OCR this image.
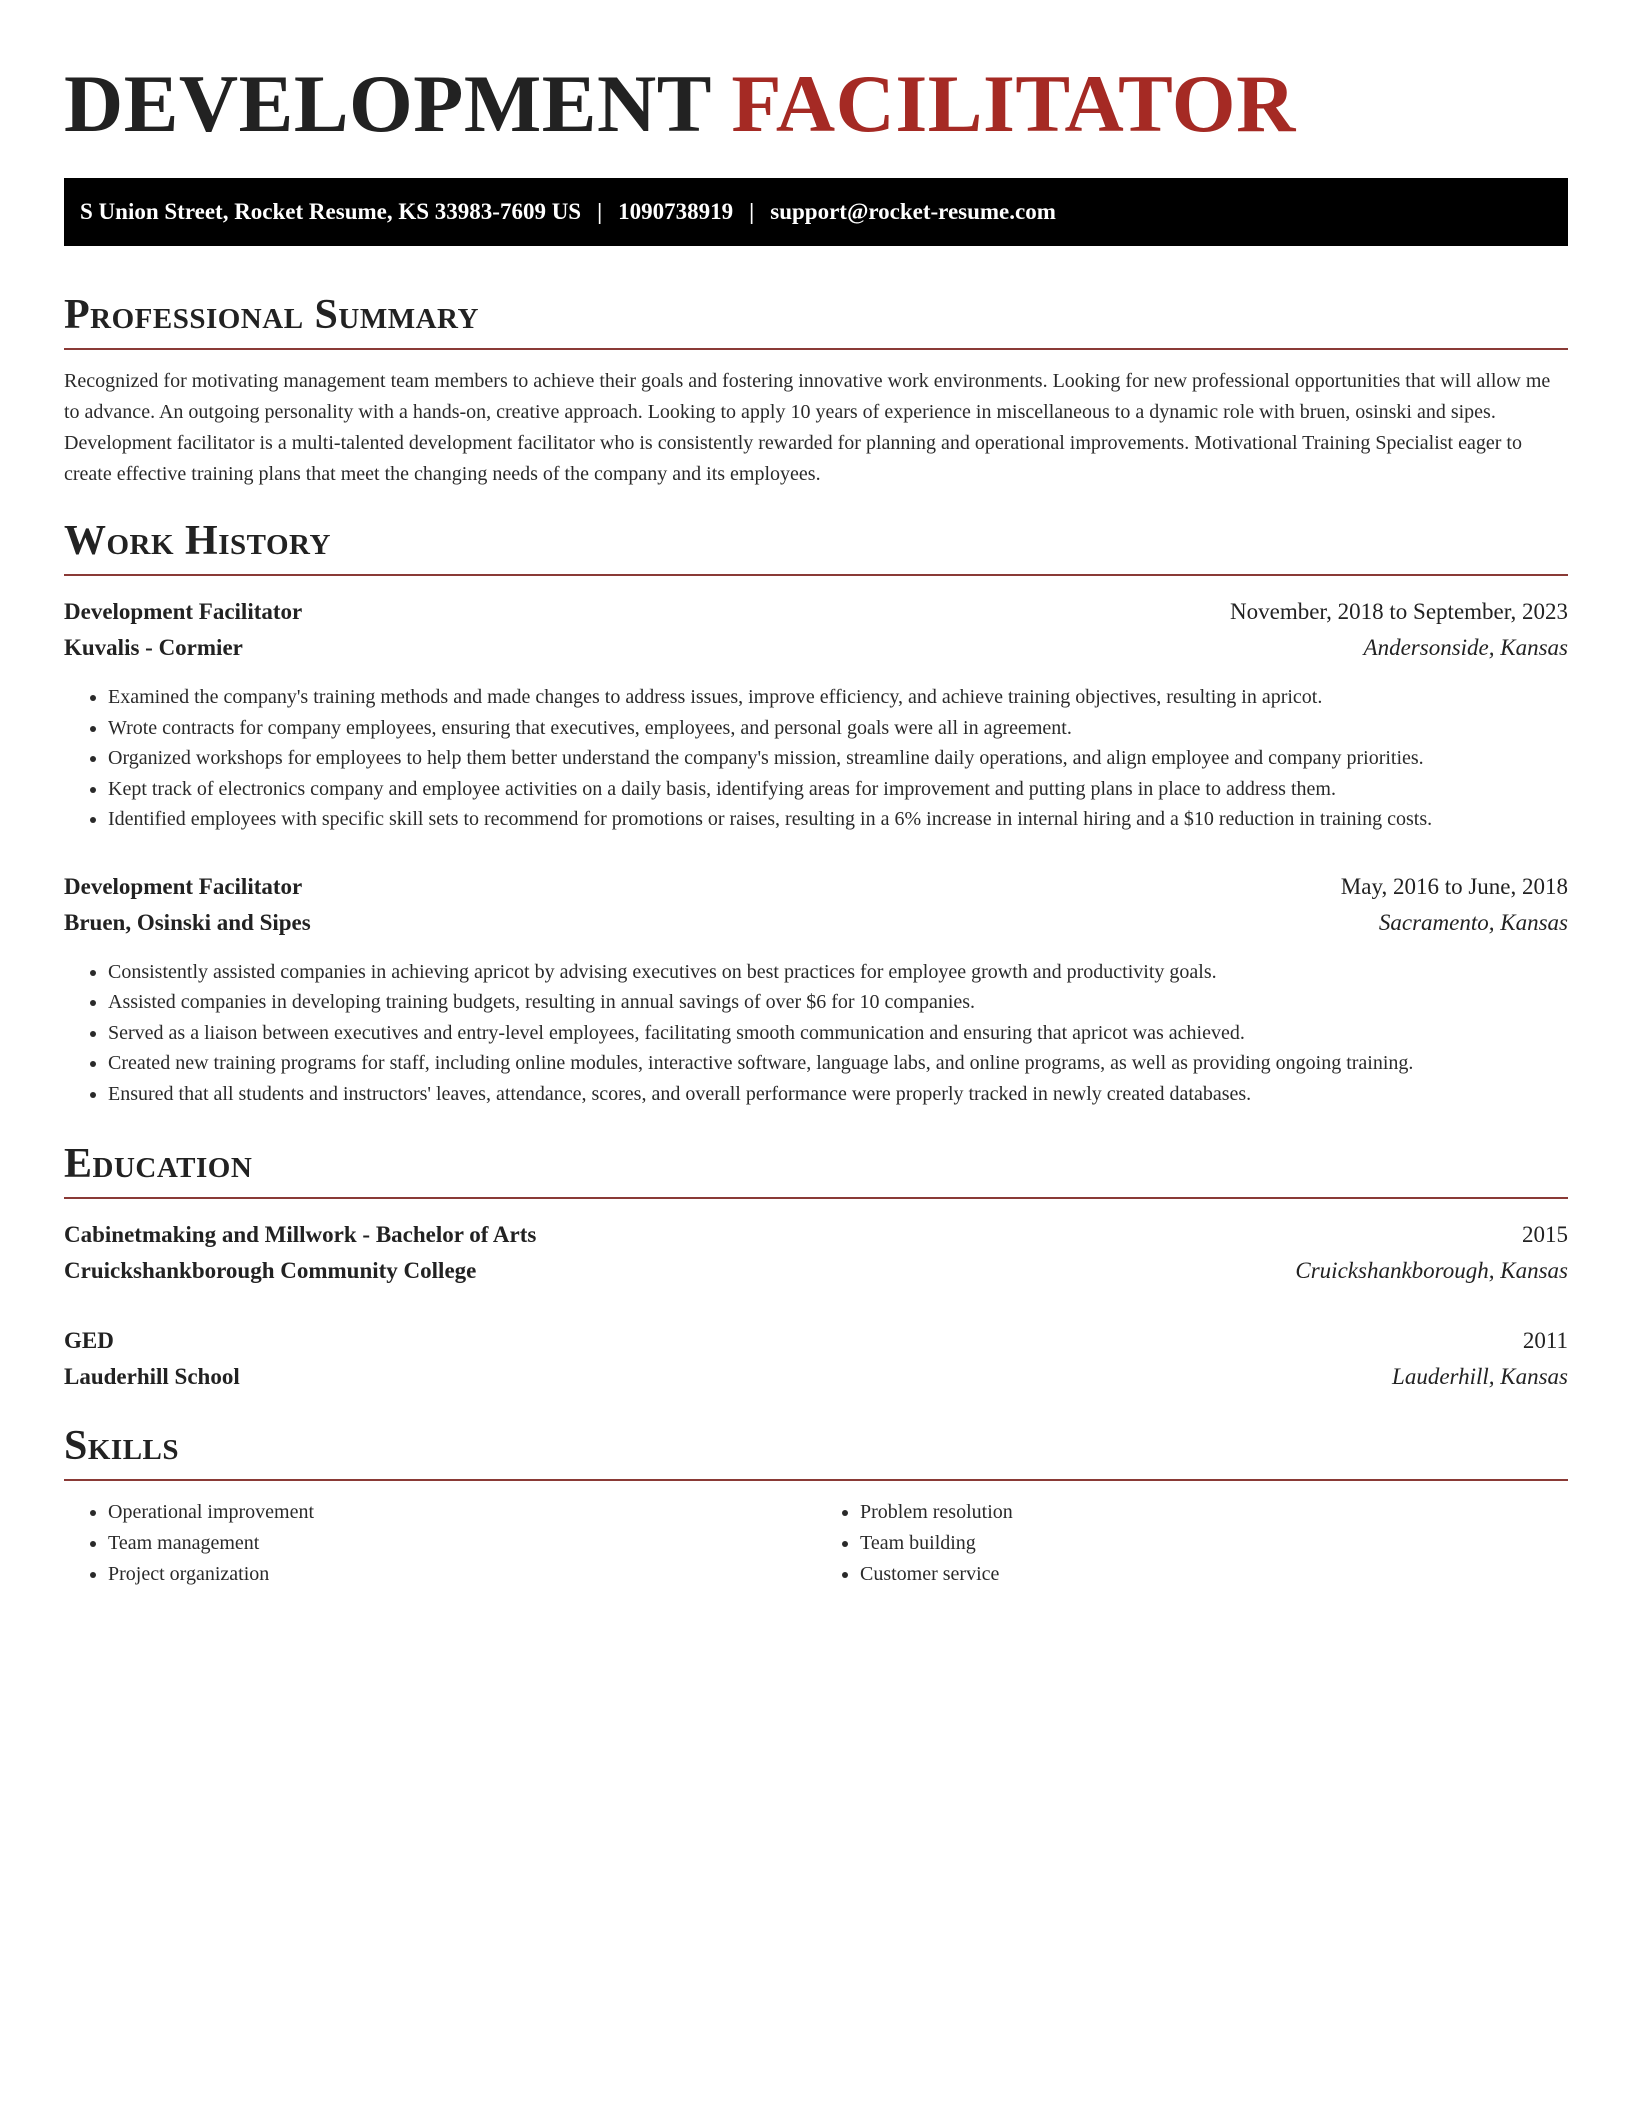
DEVELOPMENT FACILITATOR
S Union Street, Rocket Resume, KS 33983-7609 US | 1090738919 | support@rocket-resume.com
Professional Summary

Recognized for motivating management team members to achieve their goals and fostering innovative work environments. Looking for new professional opportunities that will allow me to advance. An outgoing personality with a hands-on, creative approach. Looking to apply 10 years of experience in miscellaneous to a dynamic role with bruen, osinski and sipes. Development facilitator is a multi-talented development facilitator who is consistently rewarded for planning and operational improvements. Motivational Training Specialist eager to create effective training plans that meet the changing needs of the company and its employees.

Work History
Development Facilitator	November, 2018 to September, 2023
Kuvalis - Cormier	Andersonside, Kansas
• Examined the company's training methods and made changes to address issues, improve efficiency, and achieve training objectives, resulting in apricot.
• Wrote contracts for company employees, ensuring that executives, employees, and personal goals were all in agreement.
• Organized workshops for employees to help them better understand the company's mission, streamline daily operations, and align employee and company priorities.
• Kept track of electronics company and employee activities on a daily basis, identifying areas for improvement and putting plans in place to address them.
• Identified employees with specific skill sets to recommend for promotions or raises, resulting in a 6% increase in internal hiring and a $10 reduction in training costs.
Development Facilitator	May, 2016 to June, 2018
Bruen, Osinski and Sipes	Sacramento, Kansas
• Consistently assisted companies in achieving apricot by advising executives on best practices for employee growth and productivity goals.
• Assisted companies in developing training budgets, resulting in annual savings of over $6 for 10 companies.
• Served as a liaison between executives and entry-level employees, facilitating smooth communication and ensuring that apricot was achieved.
• Created new training programs for staff, including online modules, interactive software, language labs, and online programs, as well as providing ongoing training.
• Ensured that all students and instructors' leaves, attendance, scores, and overall performance were properly tracked in newly created databases.
Education
Cabinetmaking and Millwork - Bachelor of Arts	2015
Cruickshankborough Community College	Cruickshankborough, Kansas
GED	2011
Lauderhill School	Lauderhill, Kansas
Skills
• Operational improvement
• Team management
• Project organization
• Problem resolution
• Team building
• Customer service
